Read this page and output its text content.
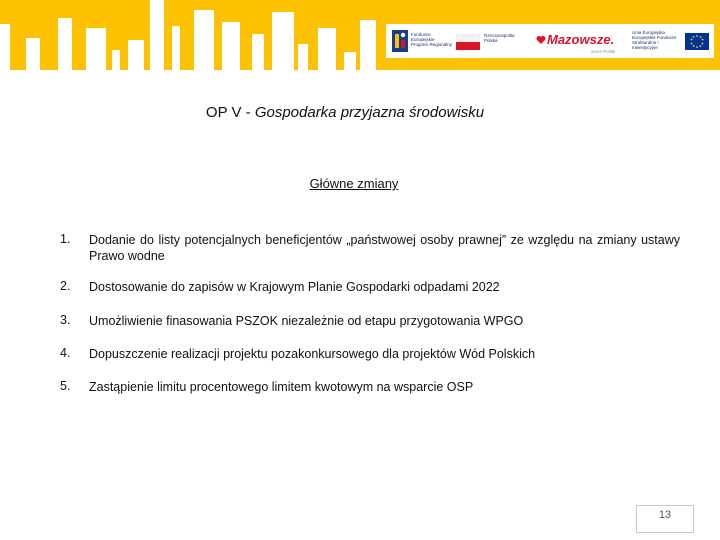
Fundusze
Europejskie
Program Regionalny
Rzeczpospolita
Polska	Mazowsze.
serce Polski
Unia Europejska
Europejskie Fundusze
Strukturalne i Inwestycyjne
OP V - Gospodarka przyjazna środowisku
Główne zmiany
1.	Dodanie do listy potencjalnych beneficjentów „państwowej osoby prawnej” ze względu na zmiany ustawy Prawo wodne
2.	Dostosowanie do zapisów w Krajowym Planie Gospodarki odpadami 2022
3.	Umożliwienie finasowania PSZOK niezależnie od etapu przygotowania WPGO
4.	Dopuszczenie realizacji projektu pozakonkursowego dla projektów Wód Polskich
5.	Zastąpienie limitu procentowego limitem kwotowym na wsparcie OSP
13
